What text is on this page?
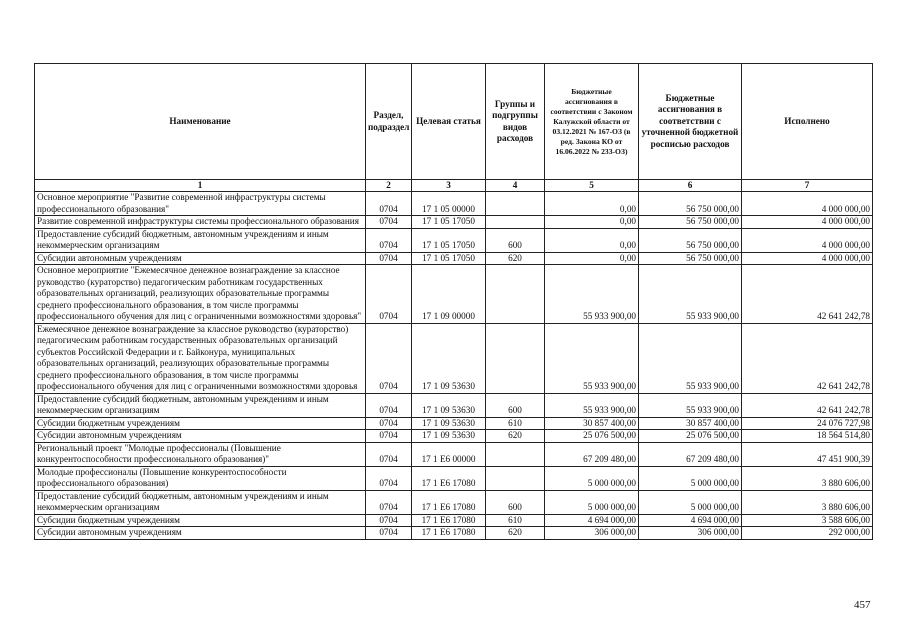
Наименование	Раздел, подраздел	Целевая статья	Группы и подгруппы видов расходов	Бюджетные ассигнования в соответствии с Законом Калужской области от 03.12.2021 № 167-ОЗ (в ред. Закона КО от 16.06.2022 № 233-ОЗ)	Бюджетные ассигнования в соответствии с уточненной бюджетной росписью расходов	Исполнено
1	2	3	4	5	6	7
Основное мероприятие "Развитие современной инфраструктуры системы профессионального образования"	0704	17 1 05 00000		0,00	56 750 000,00	4 000 000,00
Развитие современной инфраструктуры системы профессионального образования	0704	17 1 05 17050		0,00	56 750 000,00	4 000 000,00
Предоставление субсидий бюджетным, автономным учреждениям и иным некоммерческим организациям	0704	17 1 05 17050	600	0,00	56 750 000,00	4 000 000,00
Субсидии автономным учреждениям	0704	17 1 05 17050	620	0,00	56 750 000,00	4 000 000,00
Основное мероприятие "Ежемесячное денежное вознаграждение за классное руководство (кураторство) педагогическим работникам государственных образовательных организаций, реализующих образовательные программы среднего профессионального образования, в том числе программы профессионального обучения для лиц с ограниченными возможностями здоровья"	0704	17 1 09 00000		55 933 900,00	55 933 900,00	42 641 242,78
Ежемесячное денежное вознаграждение за классное руководство (кураторство) педагогическим работникам государственных образовательных организаций субъектов Российской Федерации и г. Байконура, муниципальных образовательных организаций, реализующих образовательные программы среднего профессионального образования, в том числе программы профессионального обучения для лиц с ограниченными возможностями здоровья	0704	17 1 09 53630		55 933 900,00	55 933 900,00	42 641 242,78
Предоставление субсидий бюджетным, автономным учреждениям и иным некоммерческим организациям	0704	17 1 09 53630	600	55 933 900,00	55 933 900,00	42 641 242,78
Субсидии бюджетным учреждениям	0704	17 1 09 53630	610	30 857 400,00	30 857 400,00	24 076 727,98
Субсидии автономным учреждениям	0704	17 1 09 53630	620	25 076 500,00	25 076 500,00	18 564 514,80
Региональный проект "Молодые профессионалы (Повышение конкурентоспособности профессионального образования)"	0704	17 1 E6 00000		67 209 480,00	67 209 480,00	47 451 900,39
Молодые профессионалы (Повышение конкурентоспособности профессионального образования)	0704	17 1 E6 17080		5 000 000,00	5 000 000,00	3 880 606,00
Предоставление субсидий бюджетным, автономным учреждениям и иным некоммерческим организациям	0704	17 1 E6 17080	600	5 000 000,00	5 000 000,00	3 880 606,00
Субсидии бюджетным учреждениям	0704	17 1 E6 17080	610	4 694 000,00	4 694 000,00	3 588 606,00
Субсидии автономным учреждениям	0704	17 1 E6 17080	620	306 000,00	306 000,00	292 000,00
457
